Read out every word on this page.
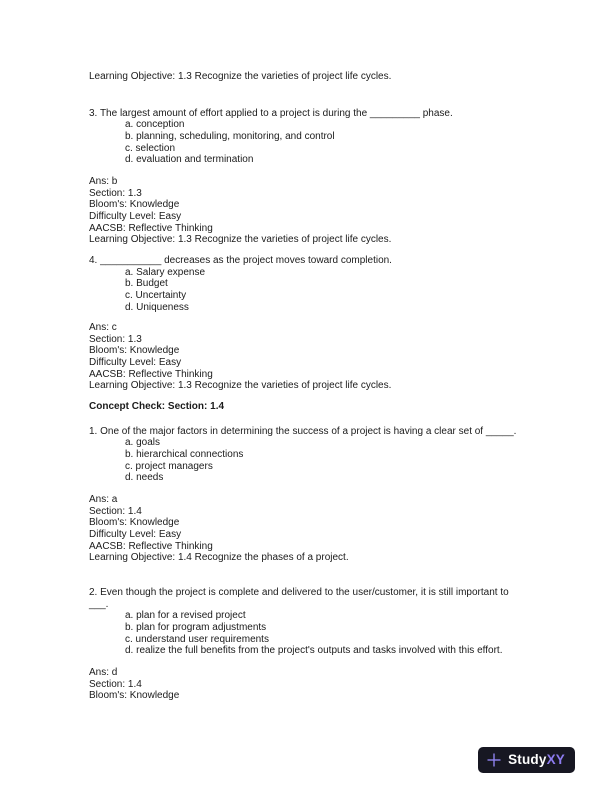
Learning Objective: 1.3 Recognize the varieties of project life cycles.

3. The largest amount of effort applied to a project is during the _________ phase.

a. conception

b. planning, scheduling, monitoring, and control

c. selection

d. evaluation and termination

Ans: b

Section: 1.3

Bloom's: Knowledge

Difficulty Level: Easy

AACSB: Reflective Thinking

Learning Objective: 1.3 Recognize the varieties of project life cycles.

4. ___________ decreases as the project moves toward completion.

a. Salary expense

b. Budget

c. Uncertainty

d. Uniqueness

Ans: c

Section: 1.3

Bloom's: Knowledge

Difficulty Level: Easy

AACSB: Reflective Thinking

Learning Objective: 1.3 Recognize the varieties of project life cycles.

Concept Check: Section: 1.4

1. One of the major factors in determining the success of a project is having a clear set of _____.

a. goals

b. hierarchical connections

c. project managers

d. needs

Ans: a

Section: 1.4

Bloom's: Knowledge

Difficulty Level: Easy

AACSB: Reflective Thinking

Learning Objective: 1.4 Recognize the phases of a project.

2. Even though the project is complete and delivered to the user/customer, it is still important to

___.

a. plan for a revised project

b. plan for program adjustments

c. understand user requirements

d. realize the full benefits from the project's outputs and tasks involved with this effort.

Ans: d

Section: 1.4

Bloom's: Knowledge

StudyXY
